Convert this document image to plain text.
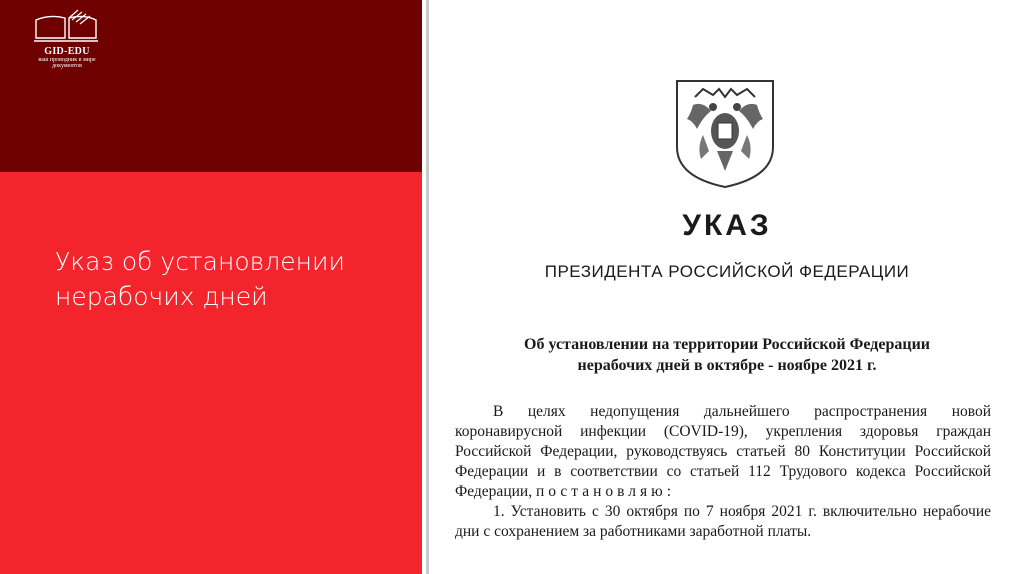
GID-EDU
ваш проводник в мире
документов
Указ об установлении
нерабочих дней
УКАЗ
ПРЕЗИДЕНТА РОССИЙСКОЙ ФЕДЕРАЦИИ
Об установлении на территории Российской Федерации
нерабочих дней в октябре - ноябре 2021 г.

В целях недопущения дальнейшего распространения новой коронавирусной инфекции (COVID-19), укрепления здоровья граждан Российской Федерации, руководствуясь статьей 80 Конституции Российской Федерации и в соответствии со статьей 112 Трудового кодекса Российской Федерации, постановляю:

1. Установить с 30 октября по 7 ноября 2021 г. включительно нерабочие дни с сохранением за работниками заработной платы.
